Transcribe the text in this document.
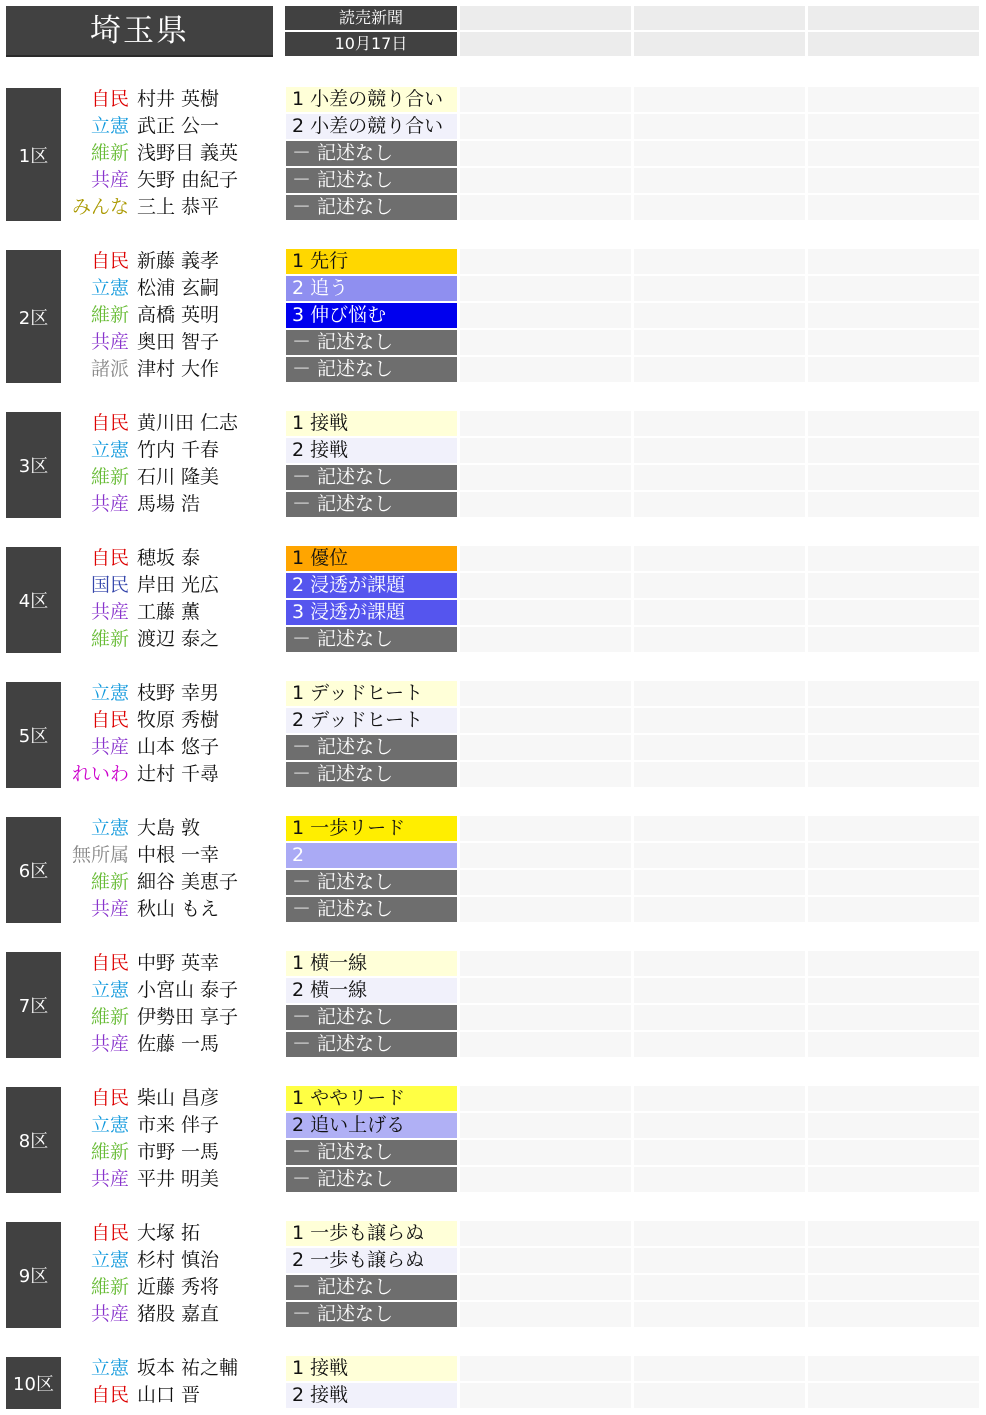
埼玉県	読売新聞
10月17日
1区
自民 村井 英樹	1 小差の競り合い
立憲 武正 公一	2 小差の競り合い
維新 浅野目 義英	－ 記述なし
共産 矢野 由紀子	－ 記述なし
みんな 三上 恭平	－ 記述なし
2区
自民 新藤 義孝	1 先行
立憲 松浦 玄嗣	2 追う
維新 高橋 英明	3 伸び悩む
共産 奥田 智子	－ 記述なし
諸派 津村 大作	－ 記述なし
3区
自民 黄川田 仁志	1 接戦
立憲 竹内 千春	2 接戦
維新 石川 隆美	－ 記述なし
共産 馬場 浩	－ 記述なし
4区
自民 穂坂 泰	1 優位
国民 岸田 光広	2 浸透が課題
共産 工藤 薫	3 浸透が課題
維新 渡辺 泰之	－ 記述なし
5区
立憲 枝野 幸男	1 デッドヒート
自民 牧原 秀樹	2 デッドヒート
共産 山本 悠子	－ 記述なし
れいわ 辻村 千尋	－ 記述なし
6区
立憲 大島 敦	1 一歩リード
無所属 中根 一幸	2
維新 細谷 美恵子	－ 記述なし
共産 秋山 もえ	－ 記述なし
7区
自民 中野 英幸	1 横一線
立憲 小宮山 泰子	2 横一線
維新 伊勢田 享子	－ 記述なし
共産 佐藤 一馬	－ 記述なし
8区
自民 柴山 昌彦	1 ややリード
立憲 市来 伴子	2 追い上げる
維新 市野 一馬	－ 記述なし
共産 平井 明美	－ 記述なし
9区
自民 大塚 拓	1 一歩も譲らぬ
立憲 杉村 慎治	2 一歩も譲らぬ
維新 近藤 秀将	－ 記述なし
共産 猪股 嘉直	－ 記述なし
10区
立憲 坂本 祐之輔	1 接戦
自民 山口 晋	2 接戦
